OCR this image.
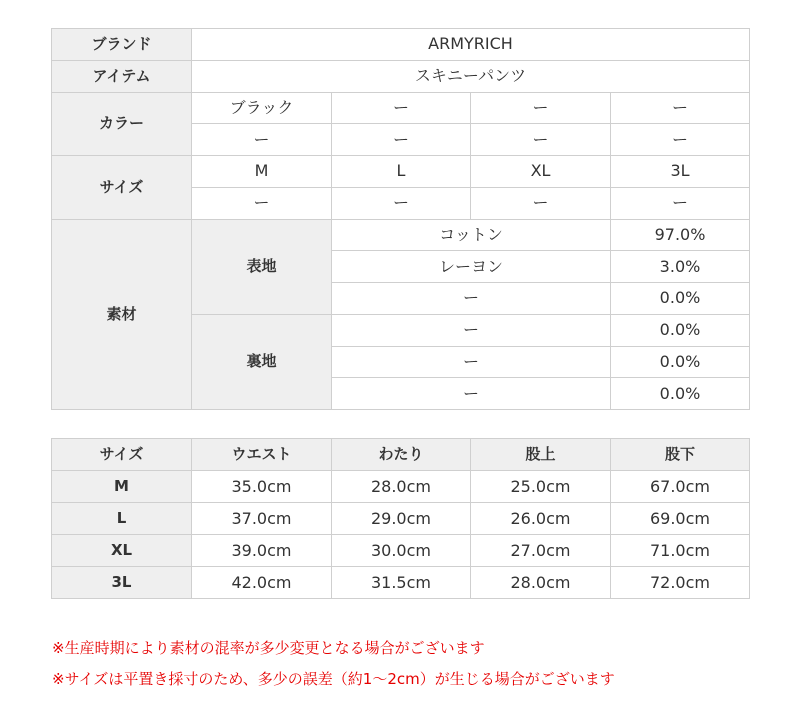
ブランド	ARMYRICH			
アイテム	スキニーパンツ			
カラー	ブラック	ー	ー	ー
	ー	ー	ー	ー
サイズ	M	L	XL	3L
	ー	ー	ー	ー
素材	表地	コットン		97.0%
		レーヨン		3.0%
		ー		0.0%
	裏地	ー		0.0%
		ー		0.0%
		ー		0.0%
サイズ	ウエスト	わたり	股上	股下
M	35.0cm	28.0cm	25.0cm	67.0cm
L	37.0cm	29.0cm	26.0cm	69.0cm
XL	39.0cm	30.0cm	27.0cm	71.0cm
3L	42.0cm	31.5cm	28.0cm	72.0cm
※生産時期により素材の混率が多少変更となる場合がございます
※サイズは平置き採寸のため、多少の誤差（約1～2cm）が生じる場合がございます
